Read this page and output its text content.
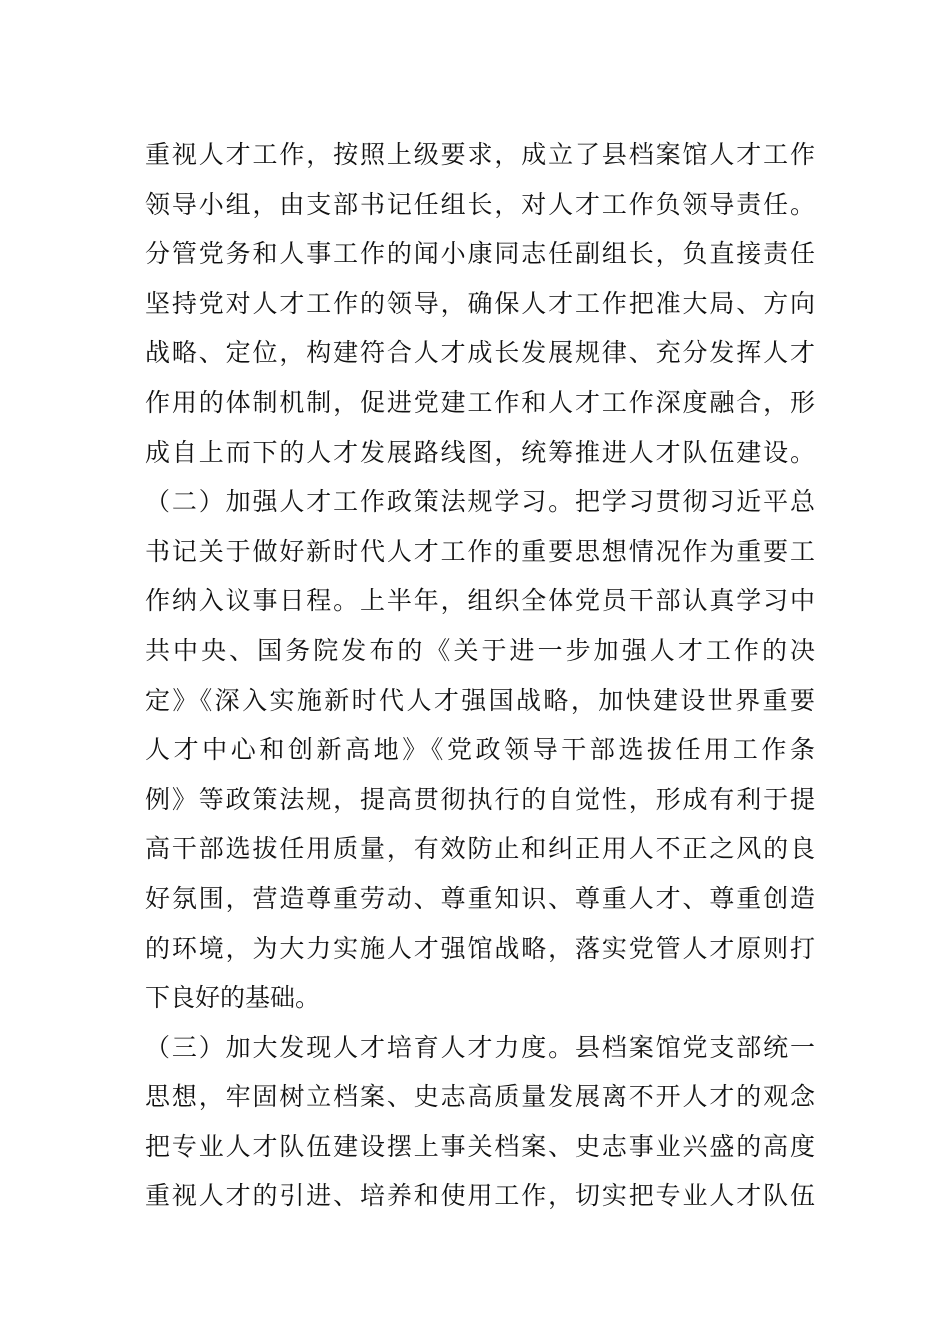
重视人才工作，按照上级要求，成立了县档案馆人才工作
领导小组，由支部书记任组长，对人才工作负领导责任。
分管党务和人事工作的闻小康同志任副组长，负直接责任
坚持党对人才工作的领导，确保人才工作把准大局、方向
战略、定位，构建符合人才成长发展规律、充分发挥人才
作用的体制机制，促进党建工作和人才工作深度融合，形
成自上而下的人才发展路线图，统筹推进人才队伍建设。
（二）加强人才工作政策法规学习。把学习贯彻习近平总
书记关于做好新时代人才工作的重要思想情况作为重要工
作纳入议事日程。上半年，组织全体党员干部认真学习中
共中央、国务院发布的《关于进一步加强人才工作的决
定》《深入实施新时代人才强国战略，加快建设世界重要
人才中心和创新高地》《党政领导干部选拔任用工作条
例》等政策法规，提高贯彻执行的自觉性，形成有利于提
高干部选拔任用质量，有效防止和纠正用人不正之风的良
好氛围，营造尊重劳动、尊重知识、尊重人才、尊重创造
的环境，为大力实施人才强馆战略，落实党管人才原则打
下良好的基础。
（三）加大发现人才培育人才力度。县档案馆党支部统一
思想，牢固树立档案、史志高质量发展离不开人才的观念
把专业人才队伍建设摆上事关档案、史志事业兴盛的高度
重视人才的引进、培养和使用工作，切实把专业人才队伍
